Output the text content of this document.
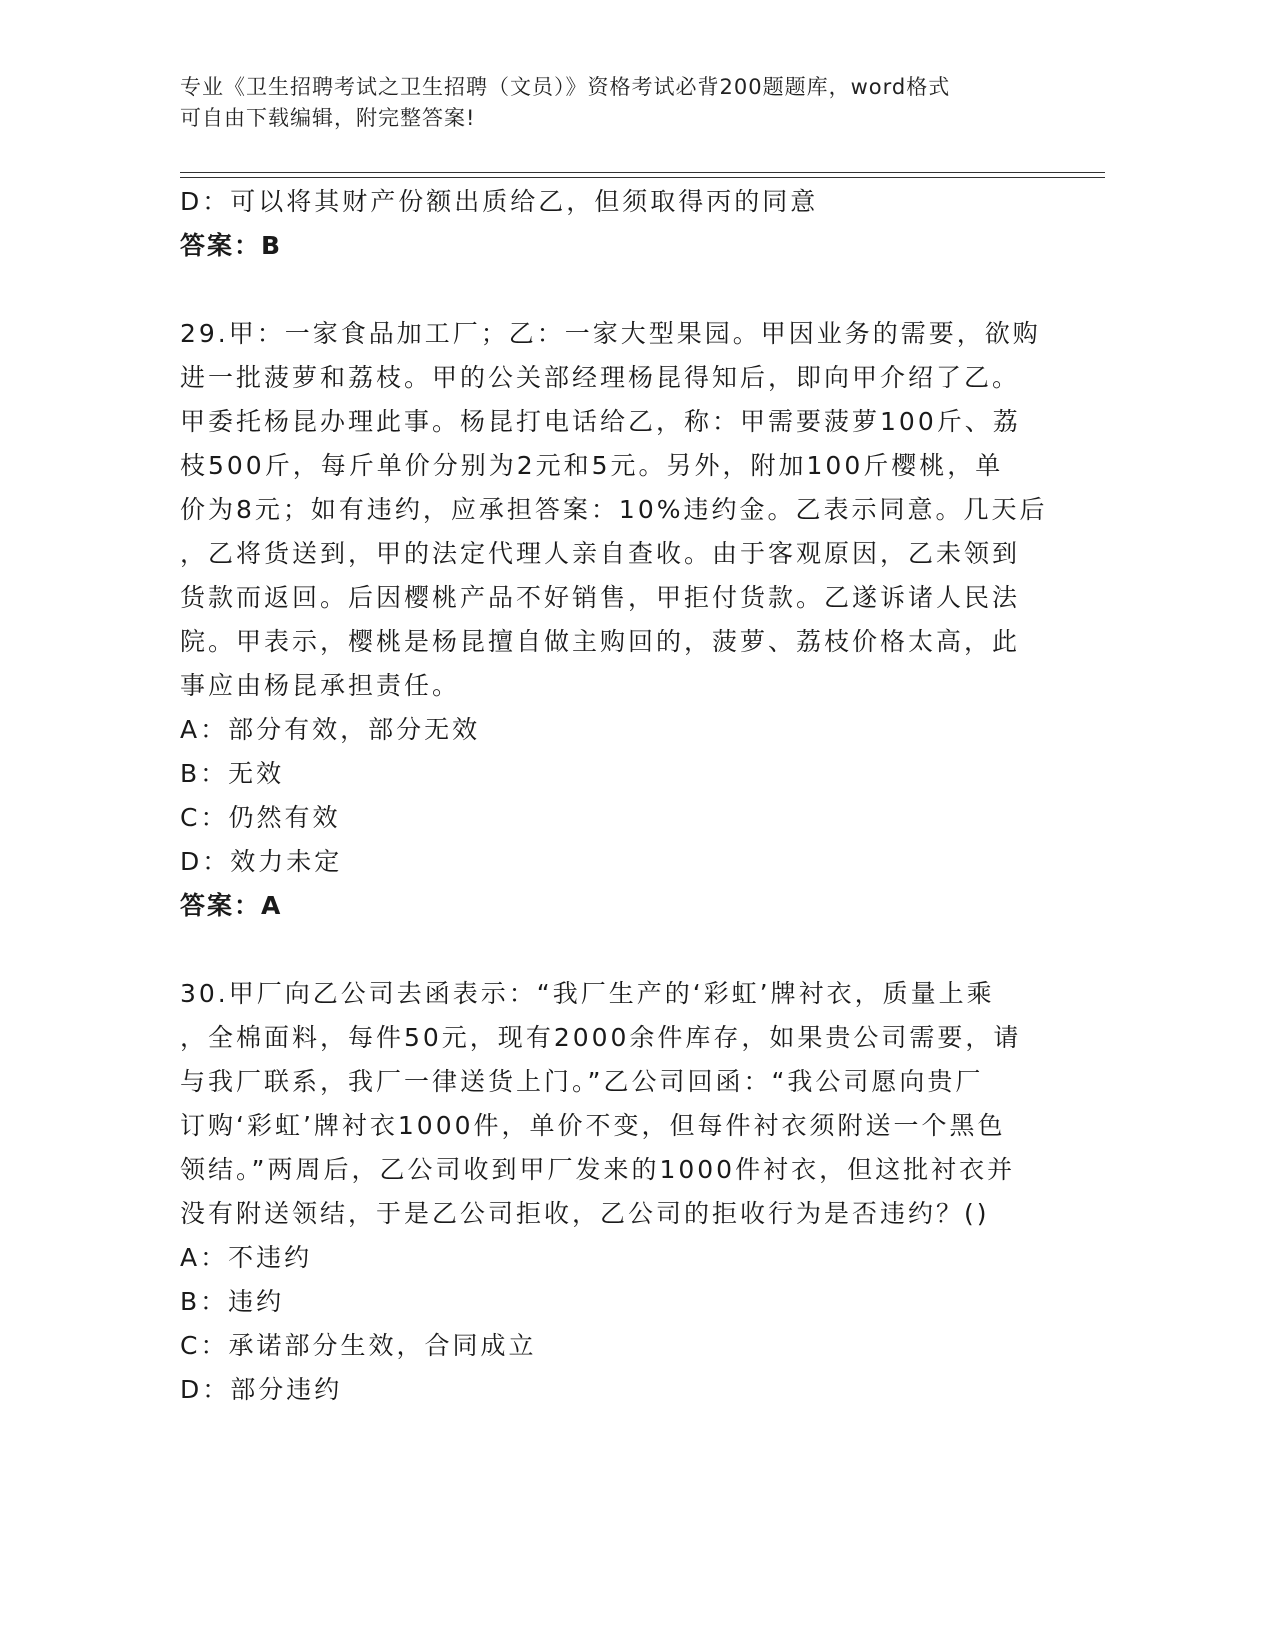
专业《卫生招聘考试之卫生招聘（文员）》资格考试必背200题题库，word格式
可自由下载编辑，附完整答案!
D：可以将其财产份额出质给乙，但须取得丙的同意
答案：B
29.甲：一家食品加工厂；乙：一家大型果园。甲因业务的需要，欲购
进一批菠萝和荔枝。甲的公关部经理杨昆得知后，即向甲介绍了乙。
甲委托杨昆办理此事。杨昆打电话给乙，称：甲需要菠萝100斤、荔
枝500斤，每斤单价分别为2元和5元。另外，附加100斤樱桃，单
价为8元；如有违约，应承担答案：10%违约金。乙表示同意。几天后
，乙将货送到，甲的法定代理人亲自查收。由于客观原因，乙未领到
货款而返回。后因樱桃产品不好销售，甲拒付货款。乙遂诉诸人民法
院。甲表示，樱桃是杨昆擅自做主购回的，菠萝、荔枝价格太高，此
事应由杨昆承担责任。
A：部分有效，部分无效
B：无效
C：仍然有效
D：效力未定
答案：A
30.甲厂向乙公司去函表示：“我厂生产的‘彩虹’牌衬衣，质量上乘
，全棉面料，每件50元，现有2000余件库存，如果贵公司需要，请
与我厂联系，我厂一律送货上门。”乙公司回函：“我公司愿向贵厂
订购‘彩虹’牌衬衣1000件，单价不变，但每件衬衣须附送一个黑色
领结。”两周后，乙公司收到甲厂发来的1000件衬衣，但这批衬衣并
没有附送领结，于是乙公司拒收，乙公司的拒收行为是否违约？()
A：不违约
B：违约
C：承诺部分生效，合同成立
D：部分违约
